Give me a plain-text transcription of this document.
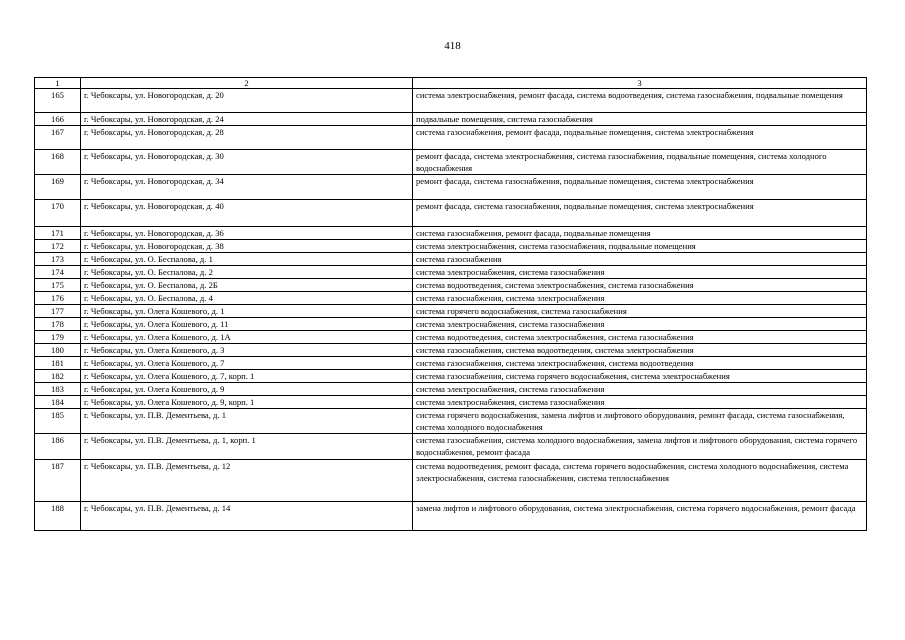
418
1	2	3
165	г. Чебоксары, ул. Новогородская, д. 20	система электроснабжения, ремонт фасада, система водоотведения, система газоснабжения, подвальные помещения
166	г. Чебоксары, ул. Новогородская, д. 24	подвальные помещения, система газоснабжения
167	г. Чебоксары, ул. Новогородская, д. 28	система газоснабжения, ремонт фасада, подвальные помещения, система электроснабжения
168	г. Чебоксары, ул. Новогородская, д. 30	ремонт фасада, система электроснабжения, система газоснабжения, подвальные помещения, система холодного водоснабжения
169	г. Чебоксары, ул. Новогородская, д. 34	ремонт фасада, система газоснабжения, подвальные помещения, система электроснабжения
170	г. Чебоксары, ул. Новогородская, д. 40	ремонт фасада, система газоснабжения, подвальные помещения, система электроснабжения
171	г. Чебоксары, ул. Новогородская, д. 36	система газоснабжения, ремонт фасада, подвальные помещения
172	г. Чебоксары, ул. Новогородская, д. 38	система электроснабжения, система газоснабжения, подвальные помещения
173	г. Чебоксары, ул. О. Беспалова, д. 1	система газоснабжения
174	г. Чебоксары, ул. О. Беспалова, д. 2	система электроснабжения, система газоснабжения
175	г. Чебоксары, ул. О. Беспалова, д. 2Б	система водоотведения, система электроснабжения, система газоснабжения
176	г. Чебоксары, ул. О. Беспалова, д. 4	система газоснабжения, система электроснабжения
177	г. Чебоксары, ул. Олега Кошевого, д. 1	система горячего водоснабжения, система газоснабжения
178	г. Чебоксары, ул. Олега Кошевого, д. 11	система электроснабжения, система газоснабжения
179	г. Чебоксары, ул. Олега Кошевого, д. 1А	система водоотведения, система электроснабжения, система газоснабжения
180	г. Чебоксары, ул. Олега Кошевого, д. 3	система газоснабжения, система водоотведения, система электроснабжения
181	г. Чебоксары, ул. Олега Кошевого, д. 7	система газоснабжения, система электроснабжения, система водоотведения
182	г. Чебоксары, ул. Олега Кошевого, д. 7, корп. 1	система газоснабжения, система горячего водоснабжения, система электроснабжения
183	г. Чебоксары, ул. Олега Кошевого, д. 9	система электроснабжения, система газоснабжения
184	г. Чебоксары, ул. Олега Кошевого, д. 9, корп. 1	система электроснабжения, система газоснабжения
185	г. Чебоксары, ул. П.В. Дементьева, д. 1	система горячего водоснабжения, замена лифтов и лифтового оборудования, ремонт фасада, система газоснабжения, система холодного водоснабжения
186	г. Чебоксары, ул. П.В. Дементьева, д. 1, корп. 1	система газоснабжения, система холодного водоснабжения, замена лифтов и лифтового оборудования, система горячего водоснабжения, ремонт фасада
187	г. Чебоксары, ул. П.В. Дементьева, д. 12	система водоотведения, ремонт фасада, система горячего водоснабжения, система холодного водоснабжения, система электроснабжения, система газоснабжения, система теплоснабжения
188	г. Чебоксары, ул. П.В. Дементьева, д. 14	замена лифтов и лифтового оборудования, система электроснабжения, система горячего водоснабжения, ремонт фасада
